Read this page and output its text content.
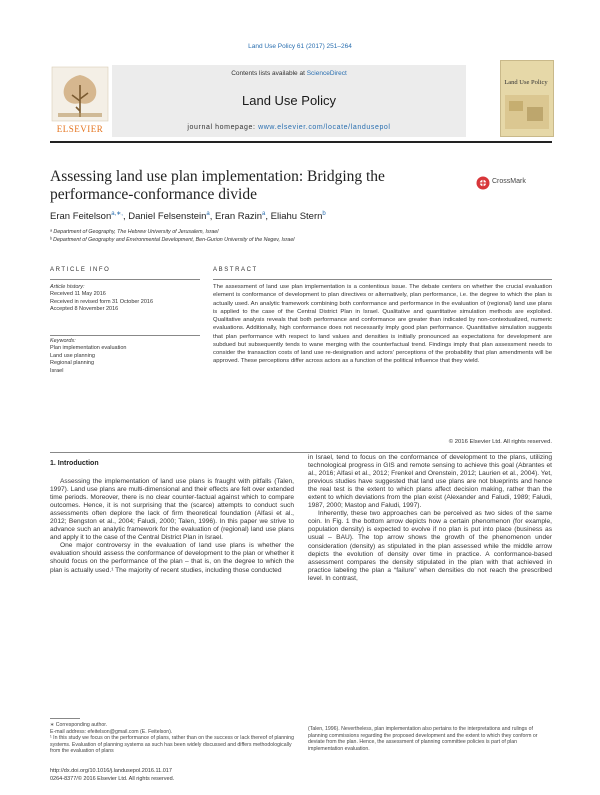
Land Use Policy 61 (2017) 251–264
ELSEVIER
Contents lists available at ScienceDirect
Land Use Policy
journal homepage: www.elsevier.com/locate/landusepol
Land Use Policy
Assessing land use plan implementation: Bridging the performance-conformance divide
CrossMark
Eran Feitelson$^{a,∗,}$, Daniel Felsenstein$^a$, Eran Razin$^a$, Eliahu Stern$^b$
ᵃ Department of Geography, The Hebrew University of Jerusalem, Israel
ᵇ Department of Geography and Environmental Development, Ben-Gurion University of the Negev, Israel
ARTICLE INFO	ABSTRACT
Article history:
Received 11 May 2016
Received in revised form 31 October 2016
Accepted 8 November 2016
Keywords:
Plan implementation evaluation
Land use planning
Regional planning
Israel
The assessment of land use plan implementation is a contentious issue. The debate centers on whether the crucial evaluation element is conformance of development to plan directives or alternatively, plan performance, i.e. the degree to which the plan is actually used. An analytic framework combining both conformance and performance in the evaluation of (regional) land use plans is applied to the case of the Central District Plan in Israel. Qualitative and quantitative simulation methods are exploited. Qualitative analysis reveals that both performance and conformance are greater than indicated by non-contextualized, numeric evaluations. Additionally, high conformance does not necessarily imply good plan performance. Quantitative simulation suggests that plan performance with respect to land values and densities is initially pronounced as expectations for development are subdued but subsequently tends to wane merging with the counterfactual trend. Findings imply that plan assessment needs to consider the transaction costs of land use re-designation and actors' perceptions of the probability that plan amendments will be approved. These perceptions differ across actors as a function of the political influence that they wield.
© 2016 Elsevier Ltd. All rights reserved.
1. Introduction

Assessing the implementation of land use plans is fraught with pitfalls (Talen, 1997). Land use plans are multi-dimensional and their effects are felt over extended time periods. Moreover, there is no clear counter-factual against which to compare outcomes. Hence, it is not surprising that the (scarce) attempts to conduct such assessments often deplore the lack of firm theoretical foundation (Alfasi et al., 2012; Bengston et al., 2004; Faludi, 2000; Talen, 1996). In this paper we strive to advance such an analytic framework for the evaluation of (regional) land use plans and apply it to the case of the Central District Plan in Israel.

One major controversy in the evaluation of land use plans is whether the evaluation should assess the conformance of development to the plan or whether it should focus on the performance of the plan – that is, on the degree to which the plan is actually used.¹ The majority of recent studies, including those conducted

in Israel, tend to focus on the conformance of development to the plans, utilizing technological progress in GIS and remote sensing to achieve this goal (Abrantes et al., 2016; Alfasi et al., 2012; Frenkel and Orenstein, 2012; Laurien et al., 2004). Yet, previous studies have suggested that land use plans are not blueprints and hence the real test is the extent to which plans affect decision making, rather than the extent to which deviations from the plan exist (Alexander and Faludi, 1989; Faludi, 1987, 2000; Mastop and Faludi, 1997).

Inherently, these two approaches can be perceived as two sides of the same coin. In Fig. 1 the bottom arrow depicts how a certain phenomenon (for example, population density) is expected to evolve if no plan is put into place (business as usual – BAU). The top arrow shows the growth of the phenomenon under consideration (density) as stipulated in the plan assessed while the middle arrow depicts the evolution of density over time in practice. A conformance-based assessment compares the density stipulated in the plan with that achieved in practice labeling the plan a “failure” when densities do not reach the prescribed level. In contrast,

∗ Corresponding author.
E-mail address: efeitelson@gmail.com (E. Feitelson).
¹ In this study we focus on the performance of plans, rather than on the success or lack thereof of planning systems. Evaluation of planning systems as such has been widely discussed and differs methodologically from the evaluation of plans
(Talen, 1996). Nevertheless, plan implementation also pertains to the interpretations and rulings of planning commissions regarding the proposed development and the extent to which they conform or deviate from the plan. Hence, the assessment of planning committee policies is part of plan implementation evaluation.
http://dx.doi.org/10.1016/j.landusepol.2016.11.017
0264-8377/© 2016 Elsevier Ltd. All rights reserved.
